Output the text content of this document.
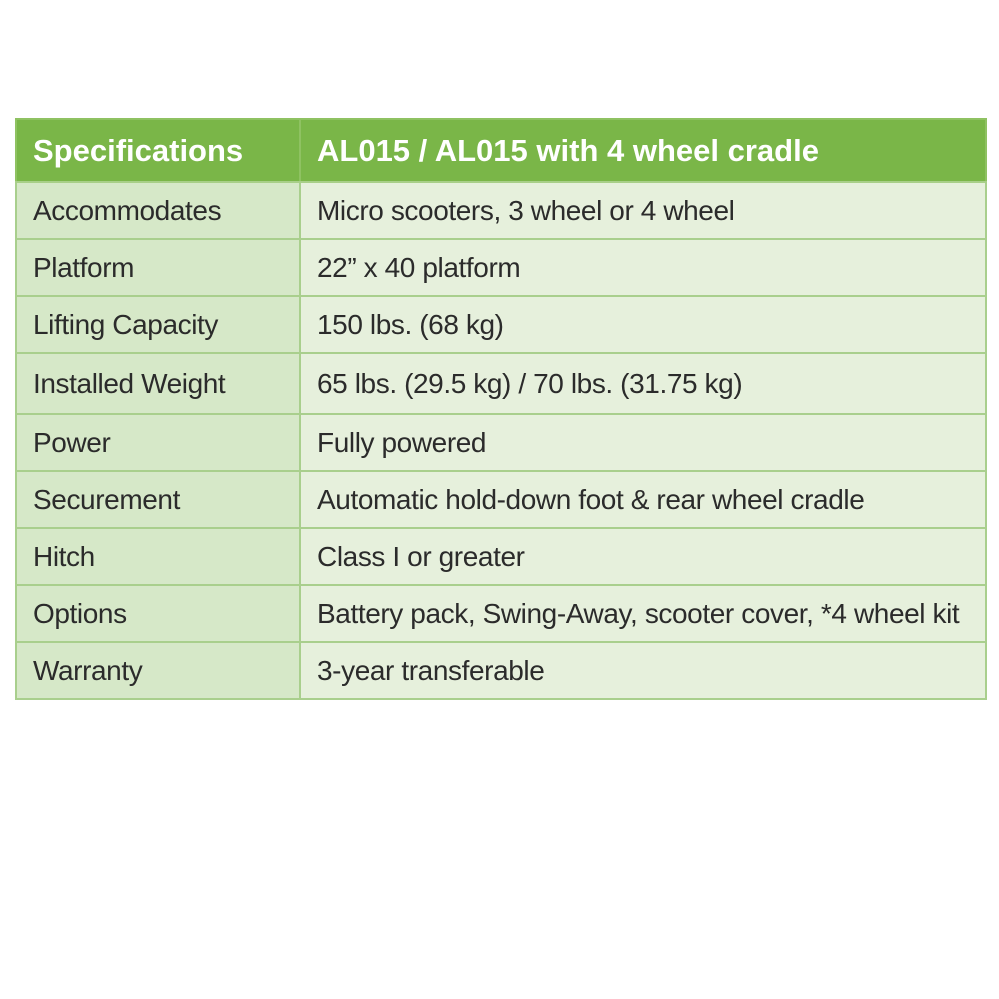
Specifications	AL015 / AL015 with 4 wheel cradle
Accommodates	Micro scooters, 3 wheel or 4 wheel
Platform	22” x 40 platform
Lifting Capacity	150 lbs. (68 kg)
Installed Weight	65 lbs. (29.5 kg) / 70 lbs. (31.75 kg)
Power	Fully powered
Securement	Automatic hold-down foot & rear wheel cradle
Hitch	Class I or greater
Options	Battery pack, Swing-Away, scooter cover, *4 wheel kit
Warranty	3-year transferable
